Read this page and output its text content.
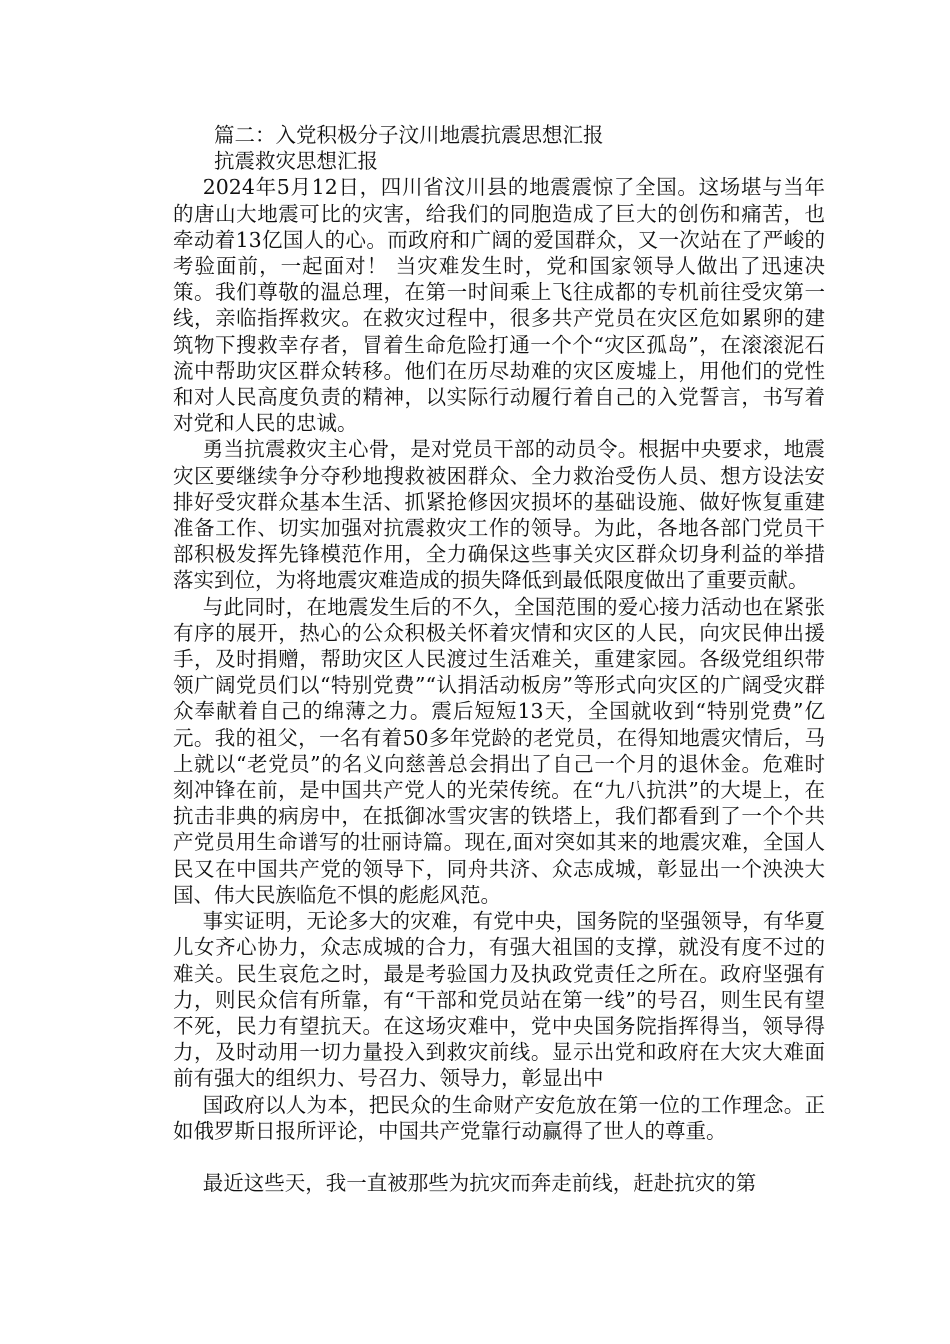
篇二：入党积极分子汶川地震抗震思想汇报

抗震救灾思想汇报

2024年5月12日，四川省汶川县的地震震惊了全国。这场堪与当年的唐山大地震可比的灾害，给我们的同胞造成了巨大的创伤和痛苦，也牵动着13亿国人的心。而政府和广阔的爱国群众，又一次站在了严峻的考验面前，一起面对！ 当灾难发生时，党和国家领导人做出了迅速决策。我们尊敬的温总理，在第一时间乘上飞往成都的专机前往受灾第一线，亲临指挥救灾。在救灾过程中，很多共产党员在灾区危如累卵的建筑物下搜救幸存者，冒着生命危险打通一个个“灾区孤岛”，在滚滚泥石流中帮助灾区群众转移。他们在历尽劫难的灾区废墟上，用他们的党性和对人民高度负责的精神，以实际行动履行着自己的入党誓言，书写着对党和人民的忠诚。

勇当抗震救灾主心骨，是对党员干部的动员令。根据中央要求，地震灾区要继续争分夺秒地搜救被困群众、全力救治受伤人员、想方设法安排好受灾群众基本生活、抓紧抢修因灾损坏的基础设施、做好恢复重建准备工作、切实加强对抗震救灾工作的领导。为此，各地各部门党员干部积极发挥先锋模范作用，全力确保这些事关灾区群众切身利益的举措落实到位，为将地震灾难造成的损失降低到最低限度做出了重要贡献。

与此同时，在地震发生后的不久，全国范围的爱心接力活动也在紧张有序的展开，热心的公众积极关怀着灾情和灾区的人民，向灾民伸出援手，及时捐赠，帮助灾区人民渡过生活难关，重建家园。各级党组织带领广阔党员们以“特别党费”“认捐活动板房”等形式向灾区的广阔受灾群众奉献着自己的绵薄之力。震后短短13天，全国就收到“特别党费”亿元。我的祖父，一名有着50多年党龄的老党员，在得知地震灾情后，马上就以“老党员”的名义向慈善总会捐出了自己一个月的退休金。危难时刻冲锋在前，是中国共产党人的光荣传统。在“九八抗洪”的大堤上，在抗击非典的病房中，在抵御冰雪灾害的铁塔上，我们都看到了一个个共产党员用生命谱写的壮丽诗篇。现在,面对突如其来的地震灾难，全国人民又在中国共产党的领导下，同舟共济、众志成城，彰显出一个泱泱大国、伟大民族临危不惧的彪彪风范。

事实证明，无论多大的灾难，有党中央，国务院的坚强领导，有华夏儿女齐心协力，众志成城的合力，有强大祖国的支撑，就没有度不过的难关。民生哀危之时，最是考验国力及执政党责任之所在。政府坚强有力，则民众信有所靠，有“干部和党员站在第一线”的号召，则生民有望不死，民力有望抗天。在这场灾难中，党中央国务院指挥得当，领导得力，及时动用一切力量投入到救灾前线。显示出党和政府在大灾大难面前有强大的组织力、号召力、领导力，彰显出中

国政府以人为本，把民众的生命财产安危放在第一位的工作理念。正如俄罗斯日报所评论，中国共产党靠行动赢得了世人的尊重。

最近这些天，我一直被那些为抗灾而奔走前线，赶赴抗灾的第
